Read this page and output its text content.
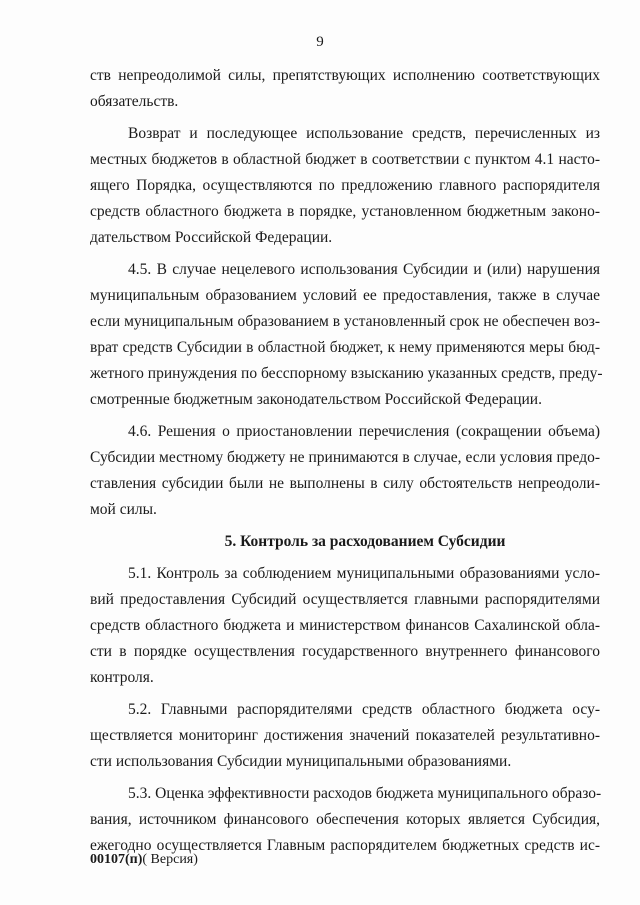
9
ств непреодолимой силы, препятствующих исполнению соответствующих
обязательств.
Возврат и последующее использование средств, перечисленных из
местных бюджетов в областной бюджет в соответствии с пунктом 4.1 насто-
ящего Порядка, осуществляются по предложению главного распорядителя
средств областного бюджета в порядке, установленном бюджетным законо-
дательством Российской Федерации.
4.5. В случае нецелевого использования Субсидии и (или) нарушения
муниципальным образованием условий ее предоставления, также в случае
если муниципальным образованием в установленный срок не обеспечен воз-
врат средств Субсидии в областной бюджет, к нему применяются меры бюд-
жетного принуждения по бесспорному взысканию указанных средств, преду-
смотренные бюджетным законодательством Российской Федерации.
4.6. Решения о приостановлении перечисления (сокращении объема)
Субсидии местному бюджету не принимаются в случае, если условия предо-
ставления субсидии были не выполнены в силу обстоятельств непреодоли-
мой силы.
5. Контроль за расходованием Субсидии
5.1. Контроль за соблюдением муниципальными образованиями усло-
вий предоставления Субсидий осуществляется главными распорядителями
средств областного бюджета и министерством финансов Сахалинской обла-
сти в порядке осуществления государственного внутреннего финансового
контроля.
5.2. Главными распорядителями средств областного бюджета осу-
ществляется мониторинг достижения значений показателей результативно-
сти использования Субсидии муниципальными образованиями.
5.3. Оценка эффективности расходов бюджета муниципального образо-
вания, источником финансового обеспечения которых является Субсидия,
ежегодно осуществляется Главным распорядителем бюджетных средств ис-
00107(п)( Версия)
